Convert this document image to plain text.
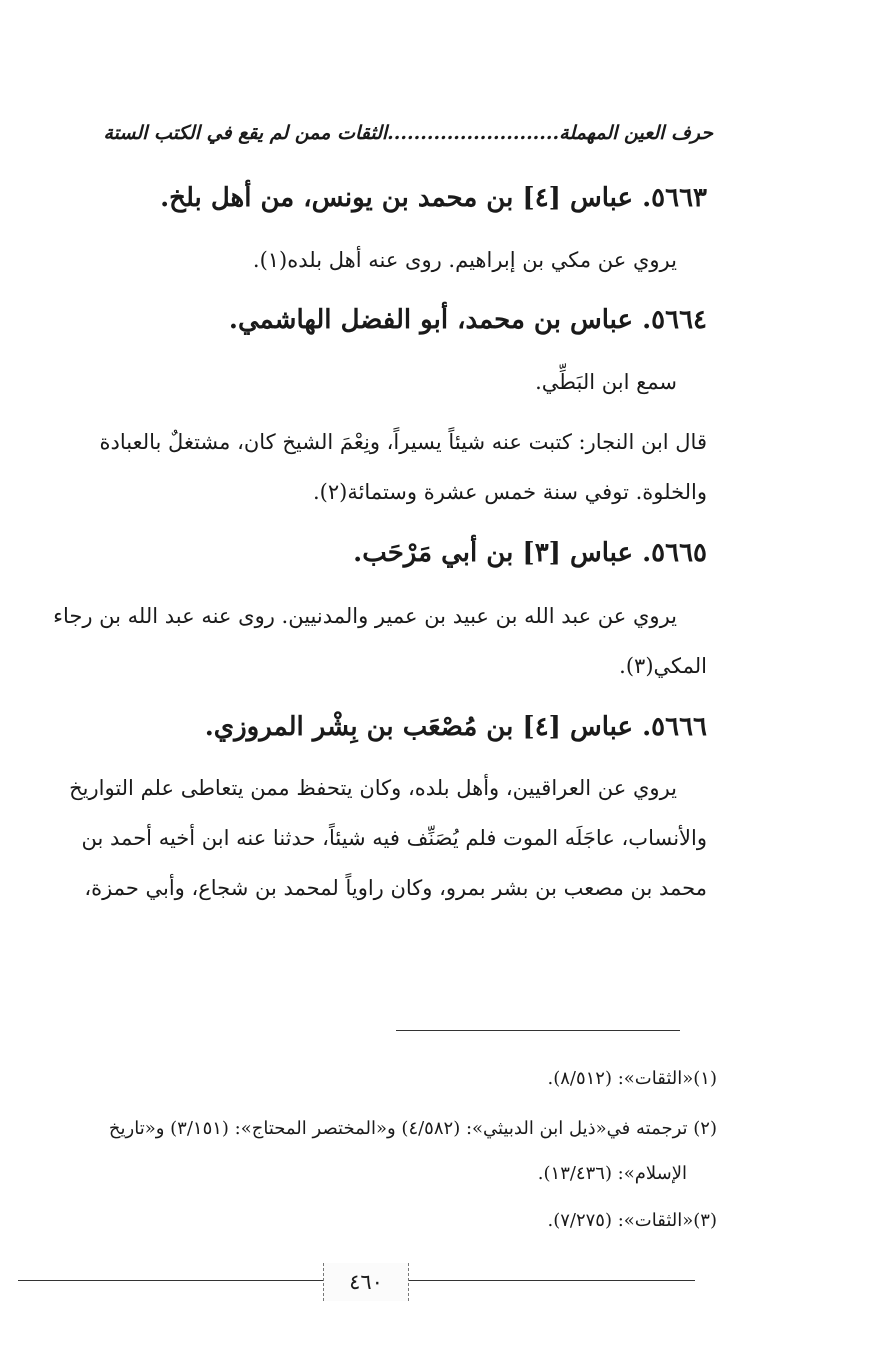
حرف العين المهملة..........................الثقات ممن لم يقع في الكتب الستة
٥٦٦٣. عباس [٤] بن محمد بن يونس، من أهل بلخ.
يروي عن مكي بن إبراهيم. روى عنه أهل بلده(١).
٥٦٦٤. عباس بن محمد، أبو الفضل الهاشمي.
سمع ابن البَطِّي.
قال ابن النجار: كتبت عنه شيئاً يسيراً، ونِعْمَ الشيخ كان، مشتغلٌ بالعبادة
والخلوة. توفي سنة خمس عشرة وستمائة(٢).
٥٦٦٥. عباس [٣] بن أبي مَرْحَب.
يروي عن عبد الله بن عبيد بن عمير والمدنيين. روى عنه عبد الله بن رجاء
المكي(٣).
٥٦٦٦. عباس [٤] بن مُصْعَب بن بِشْر المروزي.
يروي عن العراقيين، وأهل بلده، وكان يتحفظ ممن يتعاطى علم التواريخ
والأنساب، عاجَلَه الموت فلم يُصَنِّف فيه شيئاً، حدثنا عنه ابن أخيه أحمد بن
محمد بن مصعب بن بشر بمرو، وكان راوياً لمحمد بن شجاع، وأبي حمزة،
(١)«الثقات»: (٨/٥١٢).
(٢) ترجمته في«ذيل ابن الدبيثي»: (٤/٥٨٢) و«المختصر المحتاج»: (٣/١٥١) و«تاريخ
الإسلام»: (١٣/٤٣٦).
(٣)«الثقات»: (٧/٢٧٥).
٤٦٠
